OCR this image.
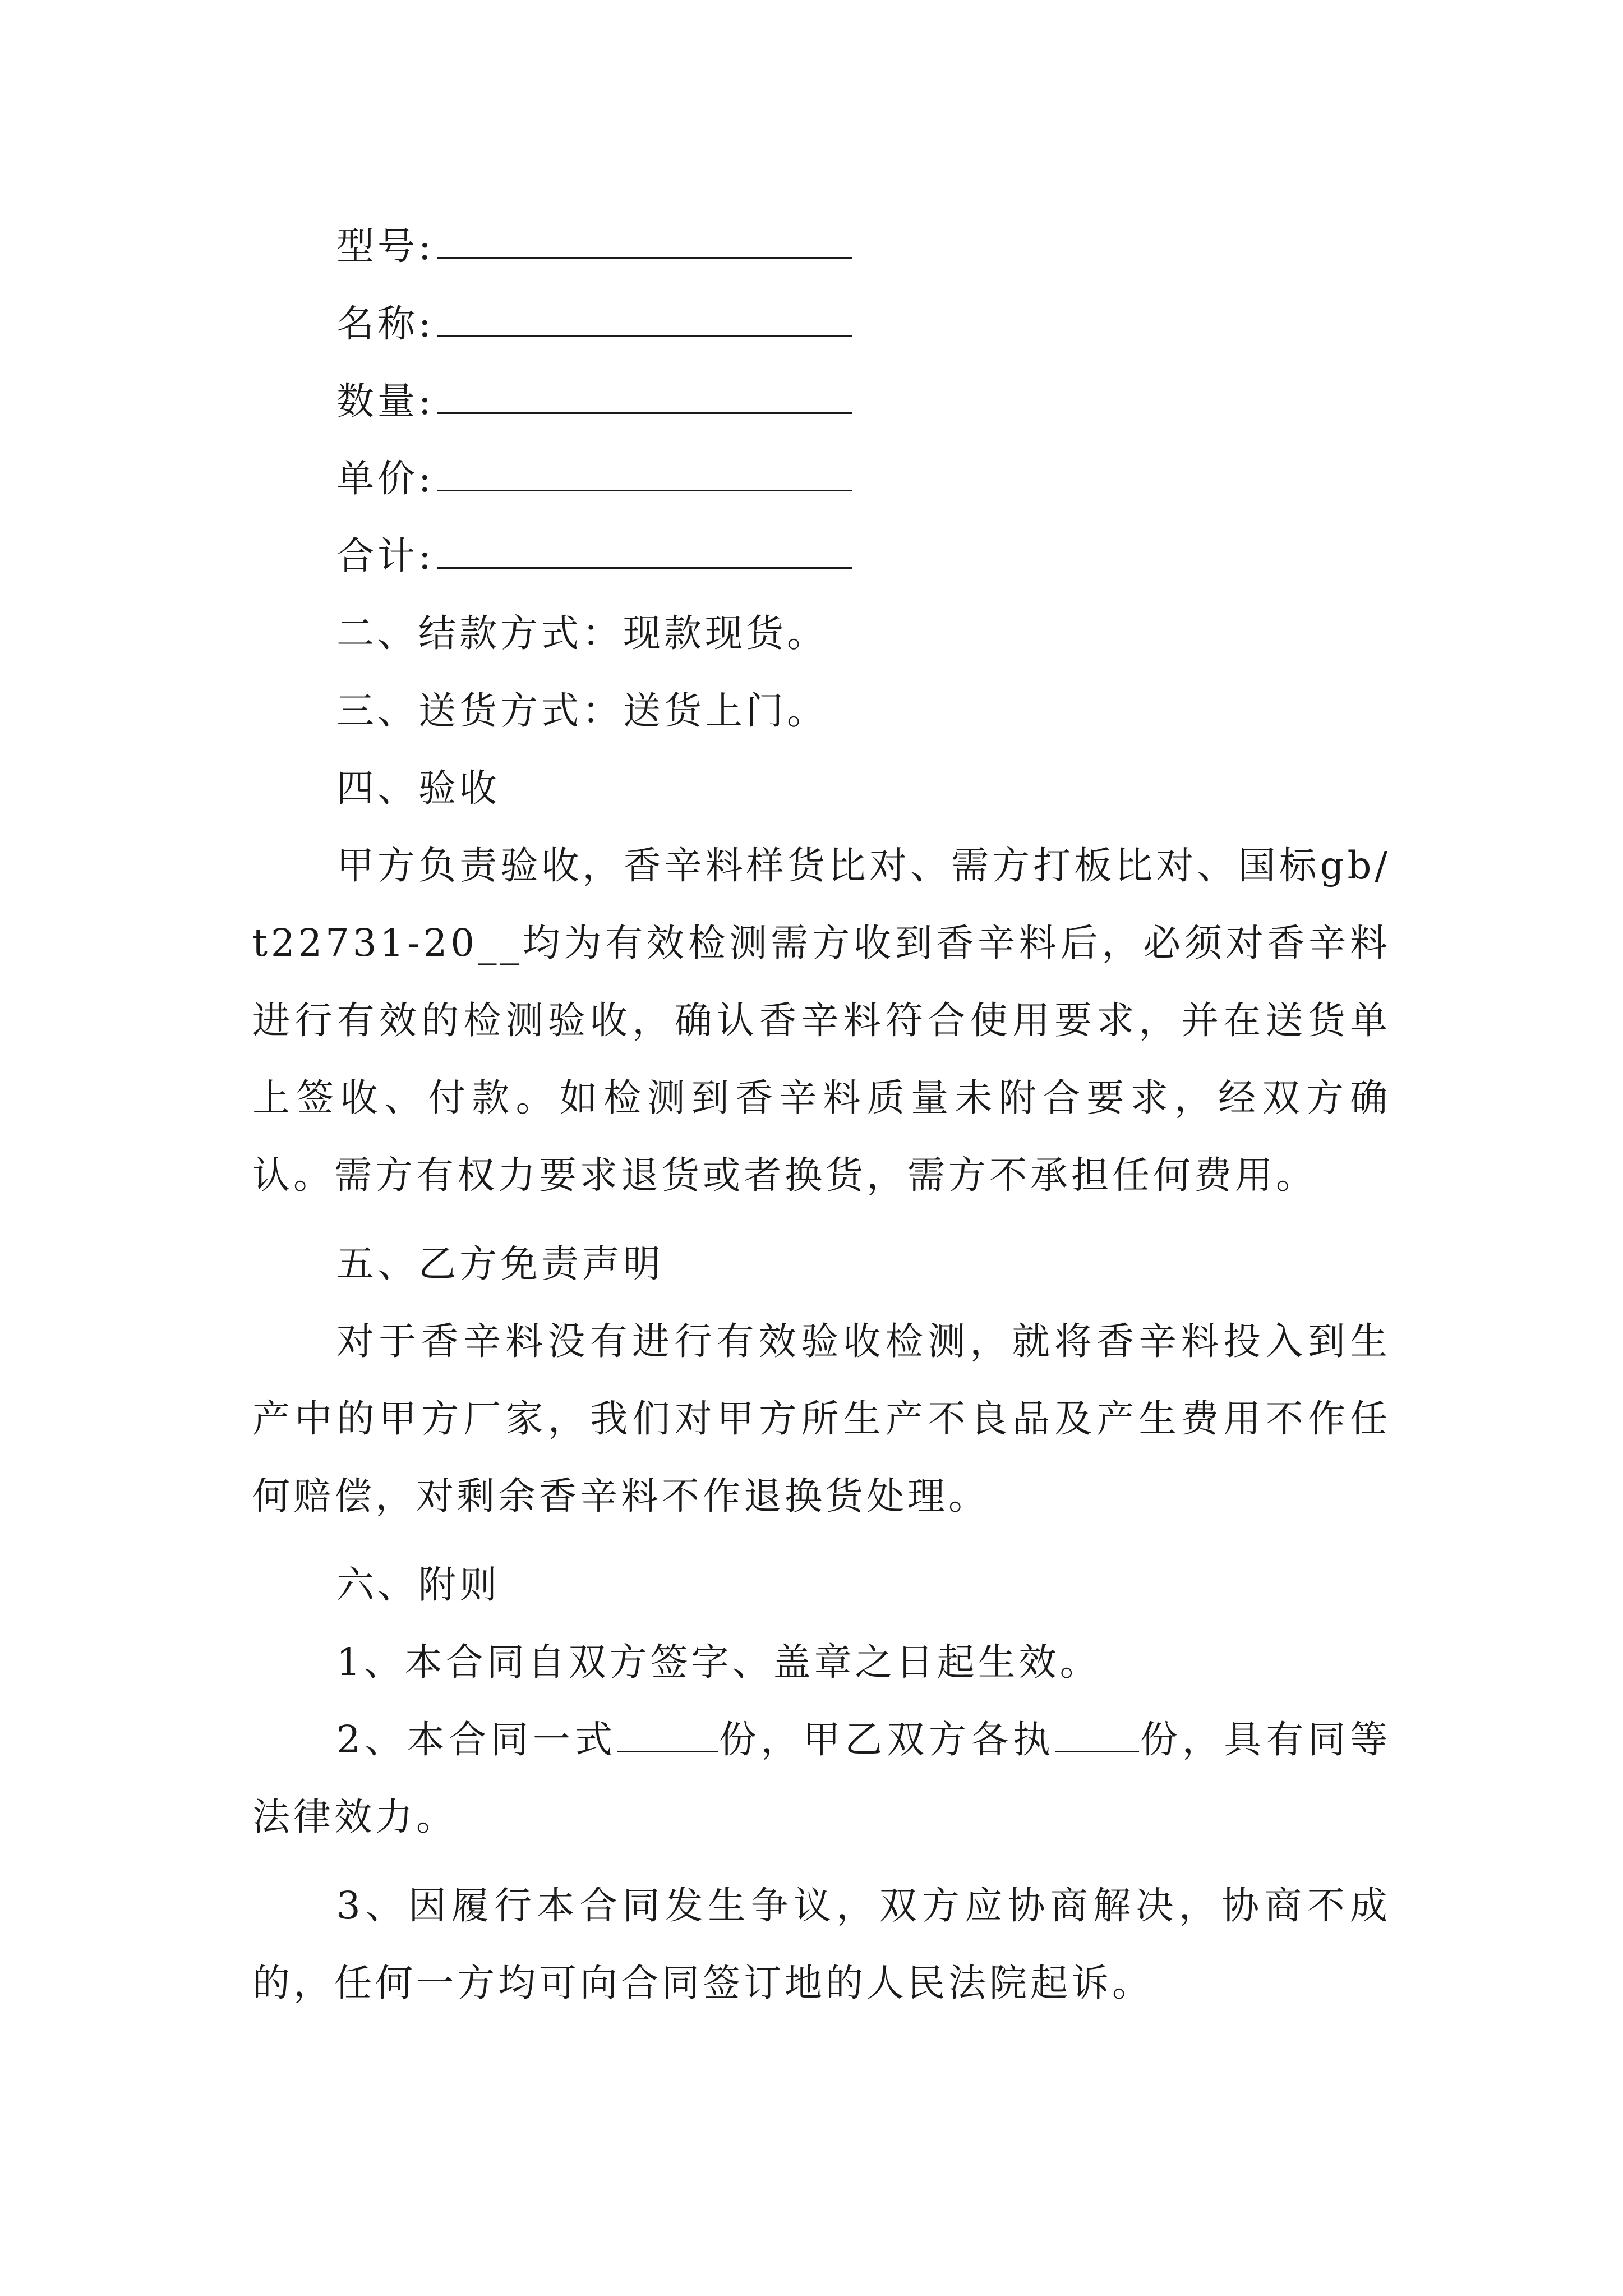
型号:
名称:
数量:
单价:
合计:

二、结款方式：现款现货。

三、送货方式：送货上门。

四、验收

甲方负责验收，香辛料样货比对、需方打板比对、国标gb/t22731-20__均为有效检测需方收到香辛料后，必须对香辛料进行有效的检测验收，确认香辛料符合使用要求，并在送货单上签收、付款。如检测到香辛料质量未附合要求，经双方确认。需方有权力要求退货或者换货，需方不承担任何费用。

五、乙方免责声明

对于香辛料没有进行有效验收检测，就将香辛料投入到生产中的甲方厂家，我们对甲方所生产不良品及产生费用不作任何赔偿，对剩余香辛料不作退换货处理。

六、附则

1、本合同自双方签字、盖章之日起生效。

2、本合同一式	份，甲乙双方各执 份，具有同等法律效力。

3、因履行本合同发生争议，双方应协商解决，协商不成的，任何一方均可向合同签订地的人民法院起诉。
